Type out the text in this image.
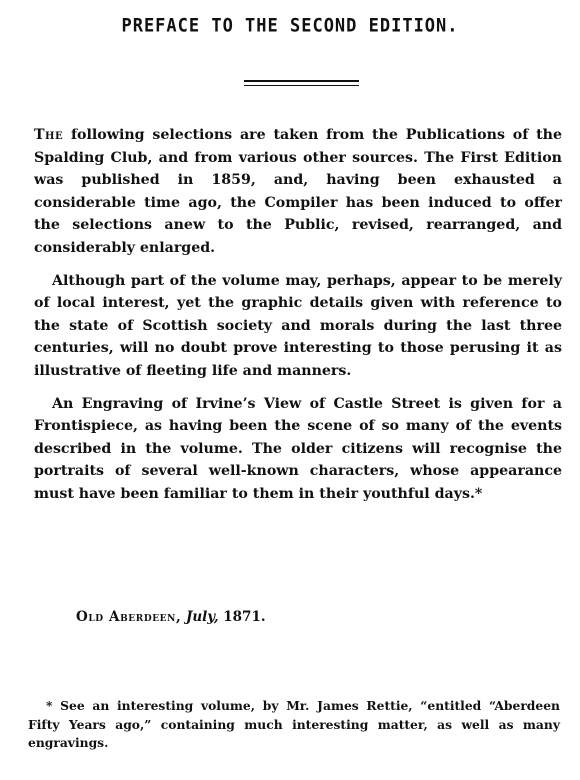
PREFACE TO THE SECOND EDITION.

The following selections are taken from the Publications of the Spalding Club, and from various other sources. The First Edition was published in 1859, and, having been exhausted a considerable time ago, the Compiler has been induced to offer the selections anew to the Public, revised, rearranged, and considerably enlarged.

Although part of the volume may, perhaps, appear to be merely of local interest, yet the graphic details given with reference to the state of Scottish society and morals during the last three centuries, will no doubt prove interesting to those perusing it as illustrative of fleeting life and manners.

An Engraving of Irvine’s View of Castle Street is given for a Frontispiece, as having been the scene of so many of the events described in the volume. The older citizens will recognise the portraits of several well-known characters, whose appearance must have been familiar to them in their youthful days.*

Old Aberdeen, July, 1871.
* See an interesting volume, by Mr. James Rettie, “entitled “Aberdeen Fifty Years ago,” containing much interesting matter, as well as many engravings.
